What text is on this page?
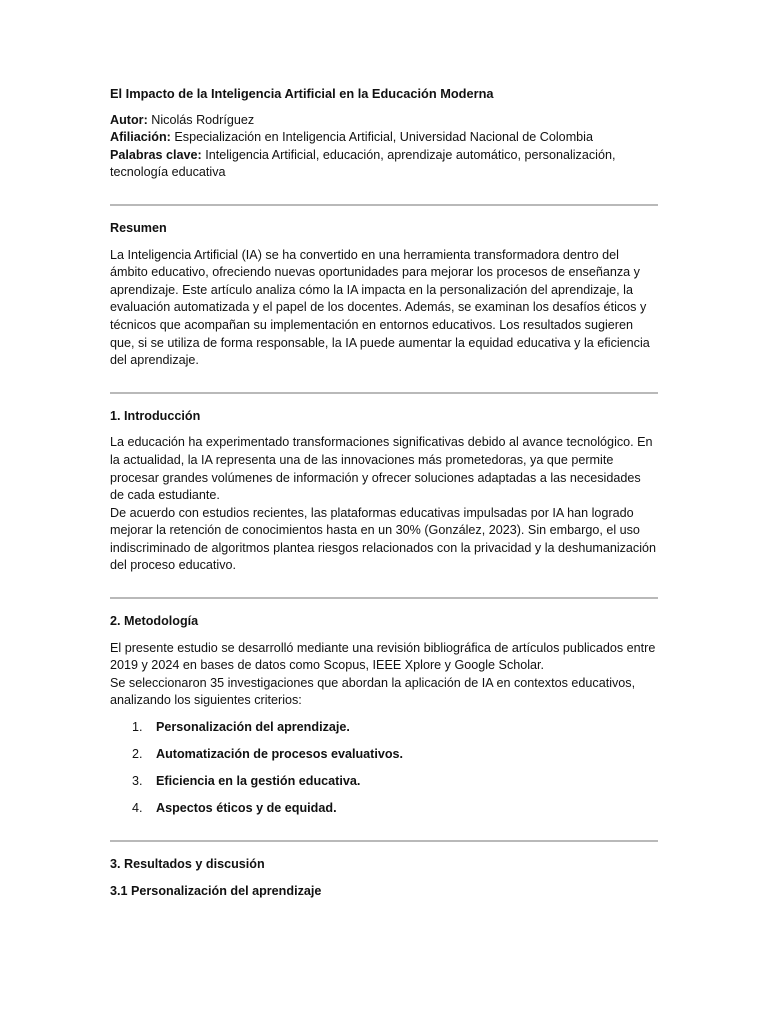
El Impacto de la Inteligencia Artificial en la Educación Moderna
Autor: Nicolás Rodríguez
Afiliación: Especialización en Inteligencia Artificial, Universidad Nacional de Colombia
Palabras clave: Inteligencia Artificial, educación, aprendizaje automático, personalización, tecnología educativa
Resumen

La Inteligencia Artificial (IA) se ha convertido en una herramienta transformadora dentro del ámbito educativo, ofreciendo nuevas oportunidades para mejorar los procesos de enseñanza y aprendizaje. Este artículo analiza cómo la IA impacta en la personalización del aprendizaje, la evaluación automatizada y el papel de los docentes. Además, se examinan los desafíos éticos y técnicos que acompañan su implementación en entornos educativos. Los resultados sugieren que, si se utiliza de forma responsable, la IA puede aumentar la equidad educativa y la eficiencia del aprendizaje.

1. Introducción

La educación ha experimentado transformaciones significativas debido al avance tecnológico. En la actualidad, la IA representa una de las innovaciones más prometedoras, ya que permite procesar grandes volúmenes de información y ofrecer soluciones adaptadas a las necesidades de cada estudiante.

De acuerdo con estudios recientes, las plataformas educativas impulsadas por IA han logrado mejorar la retención de conocimientos hasta en un 30% (González, 2023). Sin embargo, el uso indiscriminado de algoritmos plantea riesgos relacionados con la privacidad y la deshumanización del proceso educativo.

2. Metodología

El presente estudio se desarrolló mediante una revisión bibliográfica de artículos publicados entre 2019 y 2024 en bases de datos como Scopus, IEEE Xplore y Google Scholar.

Se seleccionaron 35 investigaciones que abordan la aplicación de IA en contextos educativos, analizando los siguientes criterios:

1.	Personalización del aprendizaje.
2.	Automatización de procesos evaluativos.
3.	Eficiencia en la gestión educativa.
4.	Aspectos éticos y de equidad.
3. Resultados y discusión
3.1 Personalización del aprendizaje
